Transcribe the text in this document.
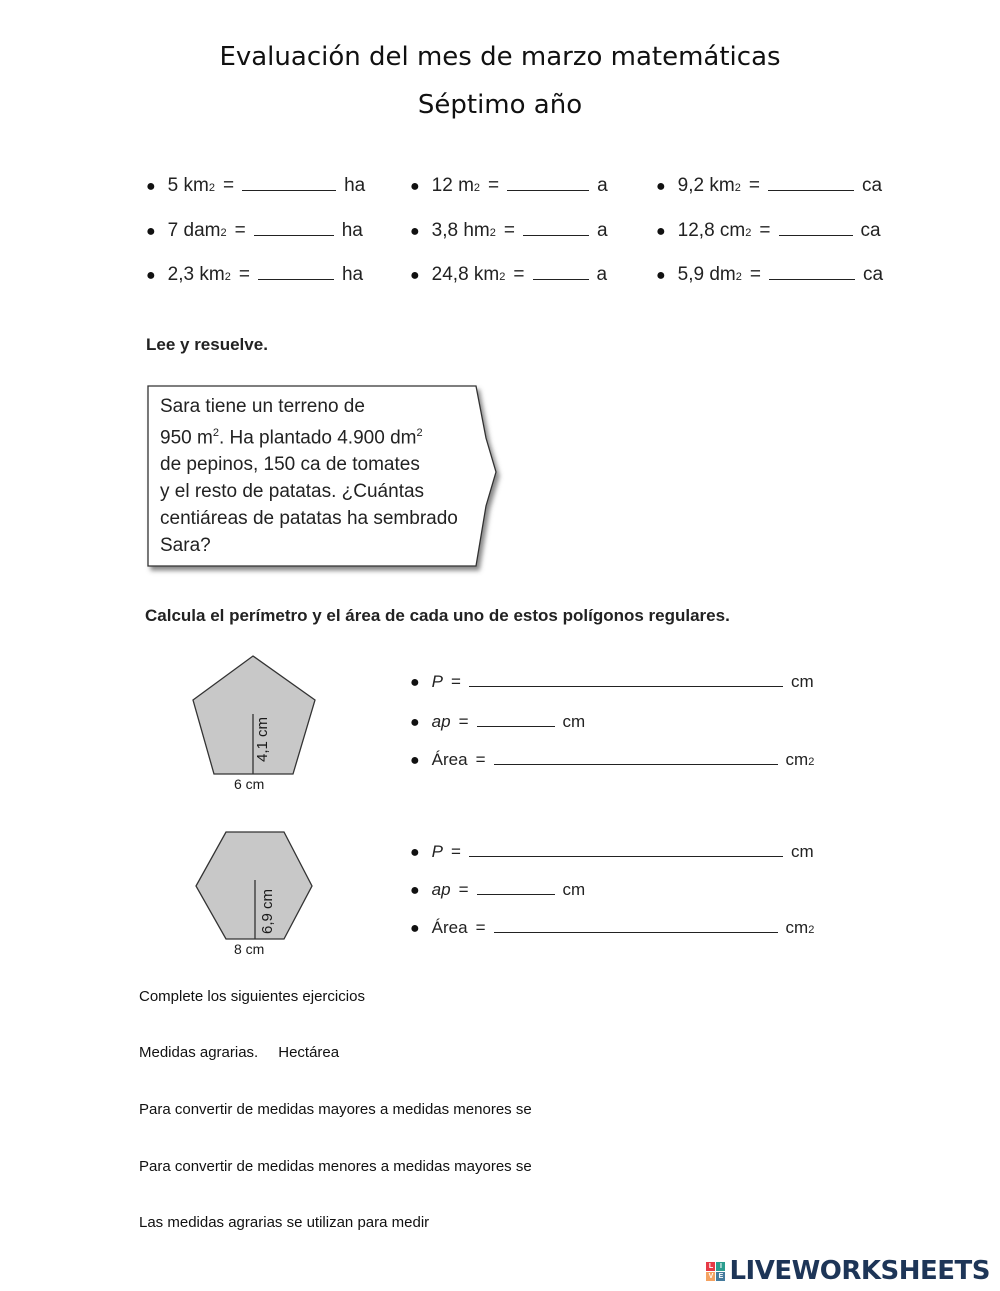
Evaluación del mes de marzo matemáticas
Séptimo año
● 5 km 2 =	ha	● 12 m 2 =	a	● 9,2 km 2 =	ca
● 7 dam 2 =	ha	● 3,8 hm 2 =	a	● 12,8 cm 2 =	ca
● 2,3 km 2 =	ha	● 24,8 km 2 =	a	● 5,9 dm 2 =	ca
Lee y resuelve.
Sara tiene un terreno de
950 $m^2$. Ha plantado 4.900 $dm^2$
de pepinos, 150 ca de tomates
y el resto de patatas. ¿Cuántas
centiáreas de patatas ha sembrado
Sara?
Calcula el perímetro y el área de cada uno de estos polígonos regulares.
4,1 cm
6 cm
● P =	cm
● ap =	cm
● Área =	cm 2
6,9 cm
8 cm
● P =	cm
● ap =	cm
● Área =	cm 2
Complete los siguientes ejercicios
Medidas agrarias. Hectárea
Para convertir de medidas mayores a medidas menores se
Para convertir de medidas menores a medidas mayores se
Las medidas agrarias se utilizan para medir
L I
V E LIVEWORKSHEETS
